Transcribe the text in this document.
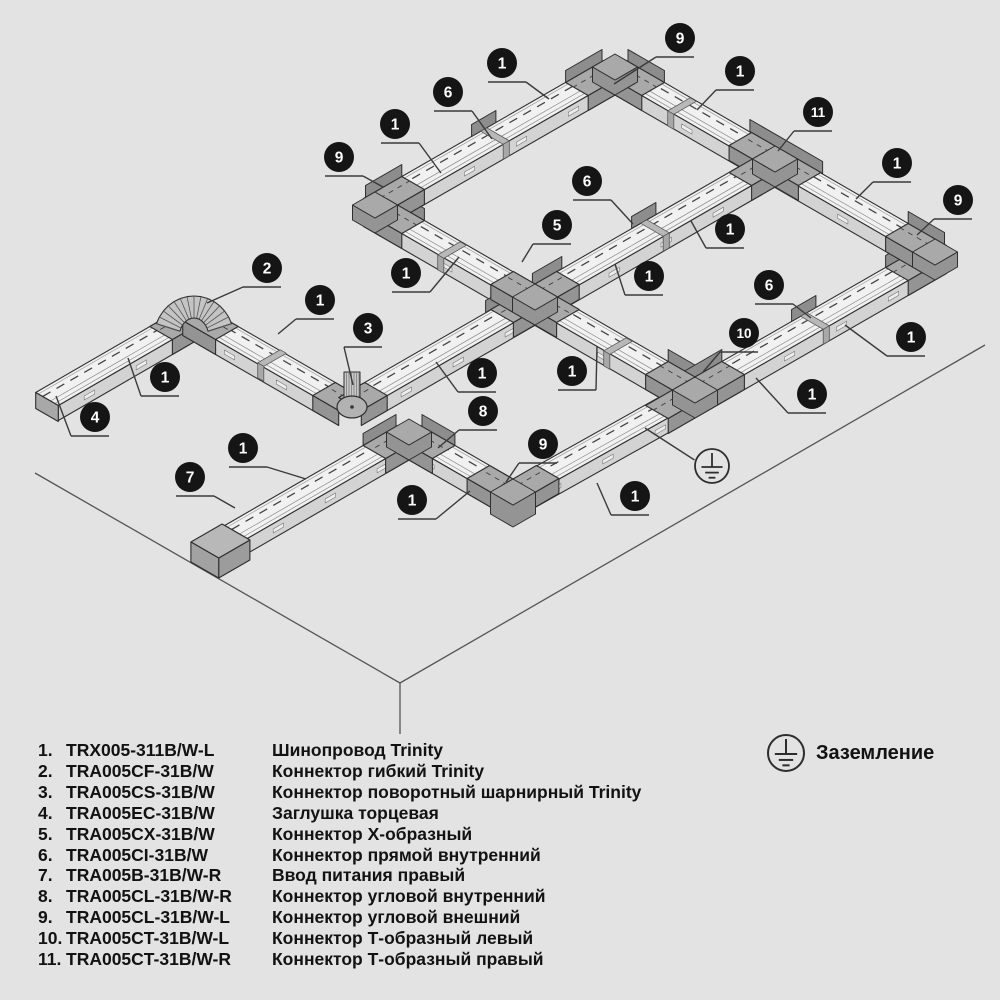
9
1	1
6
11
1
9	1
6
9
5	1
2	1
1
6
1
3	10	1
1	1	1
1
4	8
1	9
7
1
1
1. TRX005-311B/W-L	Шинопровод Trinity
2. TRA005CF-31B/W	Коннектор гибкий Trinity
3. TRA005CS-31B/W	Коннектор поворотный шарнирный Trinity
4. TRA005EC-31B/W	Заглушка торцевая
5. TRA005CX-31B/W	Коннектор Х-образный
6. TRA005CI-31B/W	Коннектор прямой внутренний
7. TRA005B-31B/W-R	Ввод питания правый
8. TRA005CL-31B/W-R	Коннектор угловой внутренний
9. TRA005CL-31B/W-L	Коннектор угловой внешний
10. TRA005CT-31B/W-L	Коннектор Т-образный левый
11. TRA005CT-31B/W-R	Коннектор Т-образный правый
Заземление
